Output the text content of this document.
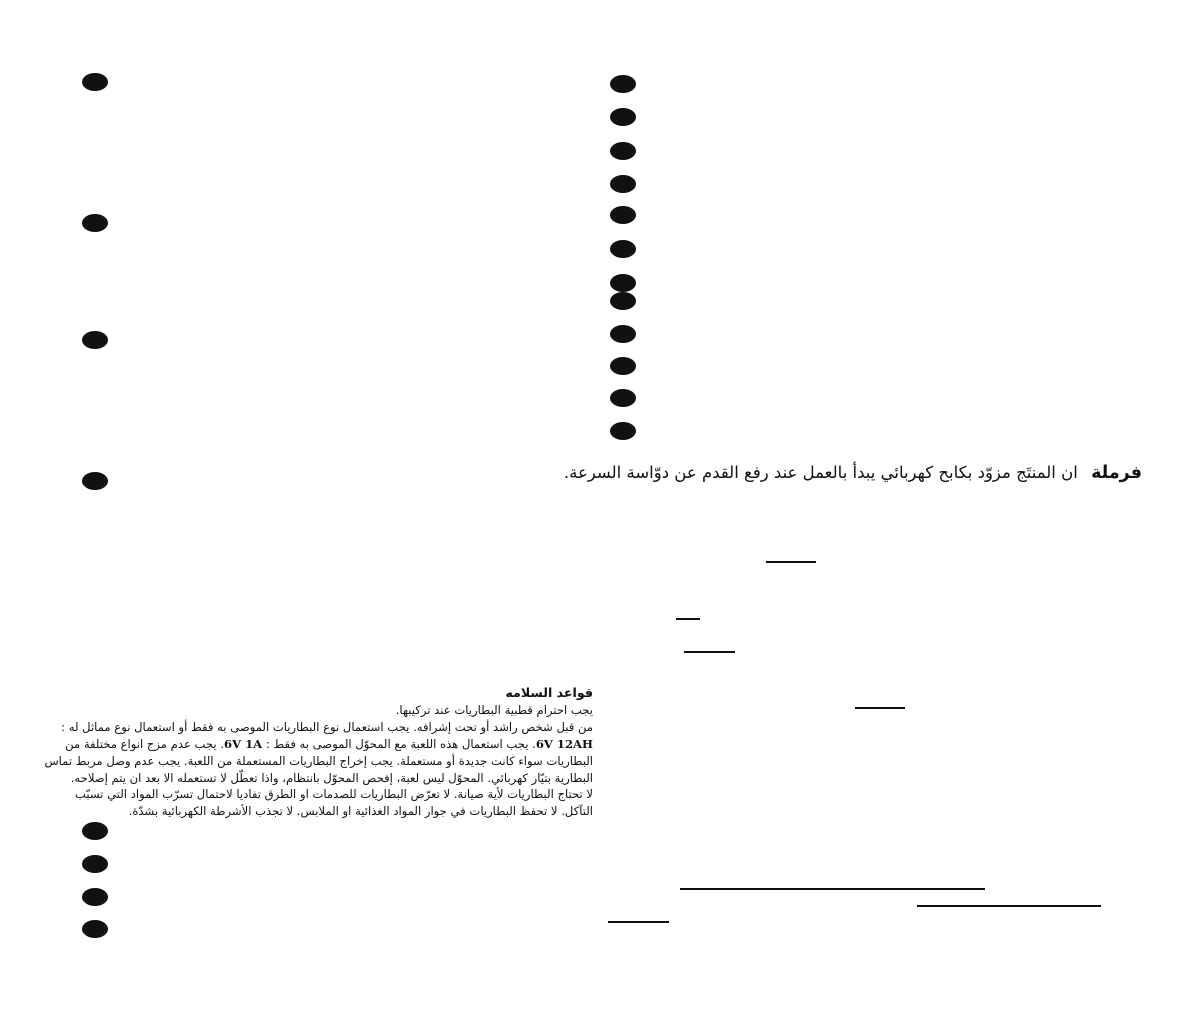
فرملة ان المنتَج مزوّد بكابح كهربائي يبدأ بالعمل عند رفع القدم عن دوّاسة السرعة.
قواعد السلامه
يجب احترام قطبية البطاريات عند تركيبها.
من قبل شخص راشد أو تحت إشرافه. يجب استعمال نوع البطاريات الموصى به فقط أو استعمال نوع مماثل له :
6V 12AH. يجب استعمال هذه اللعبة مع المحوّل الموصى به فقط : 6V 1A. يجب عدم مزج انواع مختلفة من
البطاريات سواء كانت جديدة أو مستعملة. يجب إخراج البطاريات المستعملة من اللعبة. يجب عدم وصل مربط تماس
البطارية بتيّار كهربائي. المحوّل ليس لعبة، إفحص المحوّل بانتظام، واذا تعطّل لا تستعمله الا بعد ان يتم إصلاحه.
لا تحتاج البطاريات لأية صيانة. لا تعرّض البطاريات للصدمات او الطرق تفاديا لاحتمال تسرّب المواد التي تسبّب
التآكل. لا تحفظ البطاريات في جوار المواد الغذائية او الملابس. لا تجذب الأشرطة الكهربائية بشدّة.
